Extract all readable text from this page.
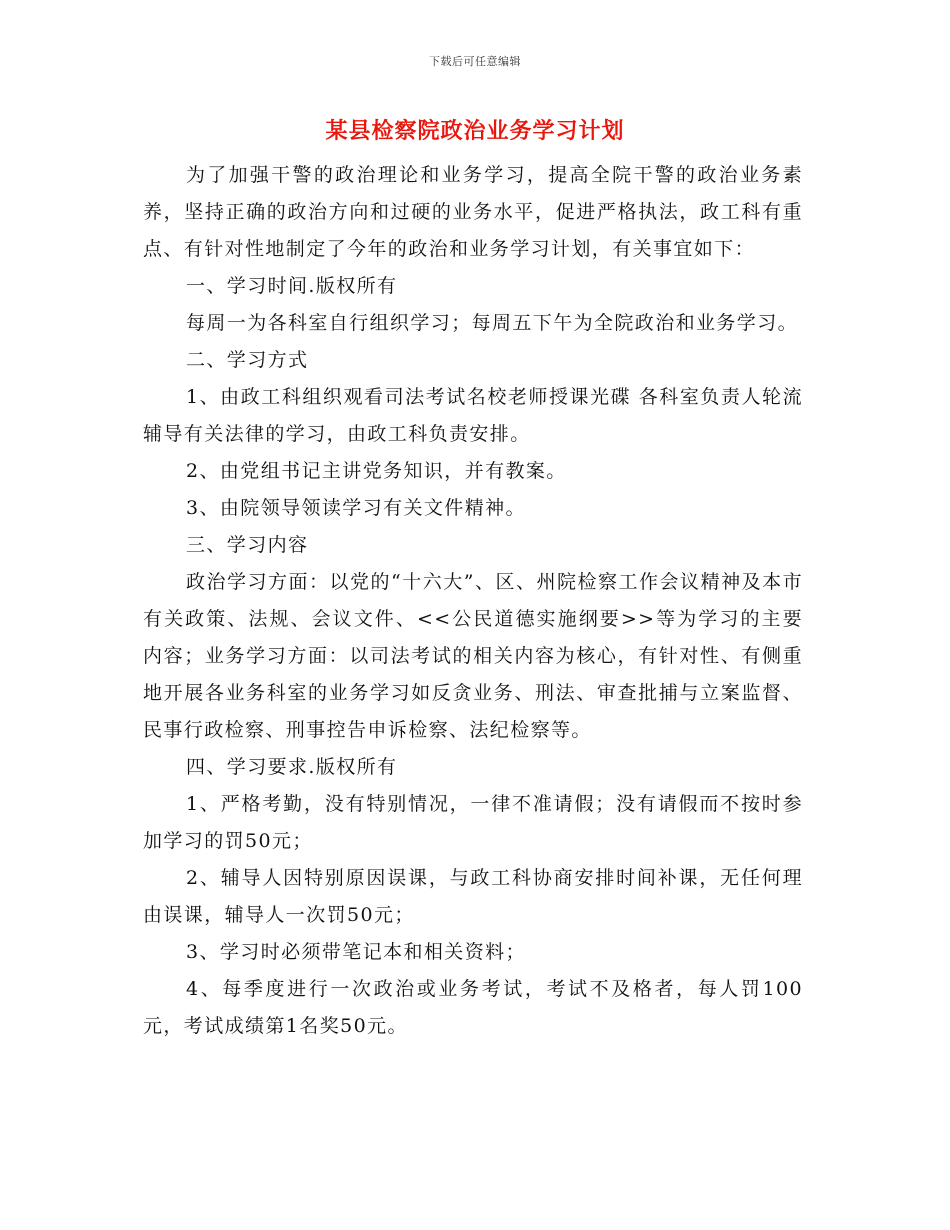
下载后可任意编辑
某县检察院政治业务学习计划

为了加强干警的政治理论和业务学习，提高全院干警的政治业务素养，坚持正确的政治方向和过硬的业务水平，促进严格执法，政工科有重点、有针对性地制定了今年的政治和业务学习计划，有关事宜如下：

一、学习时间.版权所有

每周一为各科室自行组织学习；每周五下午为全院政治和业务学习。

二、学习方式

1、由政工科组织观看司法考试名校老师授课光碟 各科室负责人轮流辅导有关法律的学习，由政工科负责安排。

2、由党组书记主讲党务知识，并有教案。

3、由院领导领读学习有关文件精神。

三、学习内容

政治学习方面：以党的“十六大”、区、州院检察工作会议精神及本市有关政策、法规、会议文件、<<公民道德实施纲要>>等为学习的主要内容；业务学习方面：以司法考试的相关内容为核心，有针对性、有侧重地开展各业务科室的业务学习如反贪业务、刑法、审查批捕与立案监督、民事行政检察、刑事控告申诉检察、法纪检察等。

四、学习要求.版权所有

1、严格考勤，没有特别情况，一律不准请假；没有请假而不按时参加学习的罚50元；

2、辅导人因特别原因误课，与政工科协商安排时间补课，无任何理由误课，辅导人一次罚50元；

3、学习时必须带笔记本和相关资料；

4、每季度进行一次政治或业务考试，考试不及格者，每人罚100元，考试成绩第1名奖50元。
